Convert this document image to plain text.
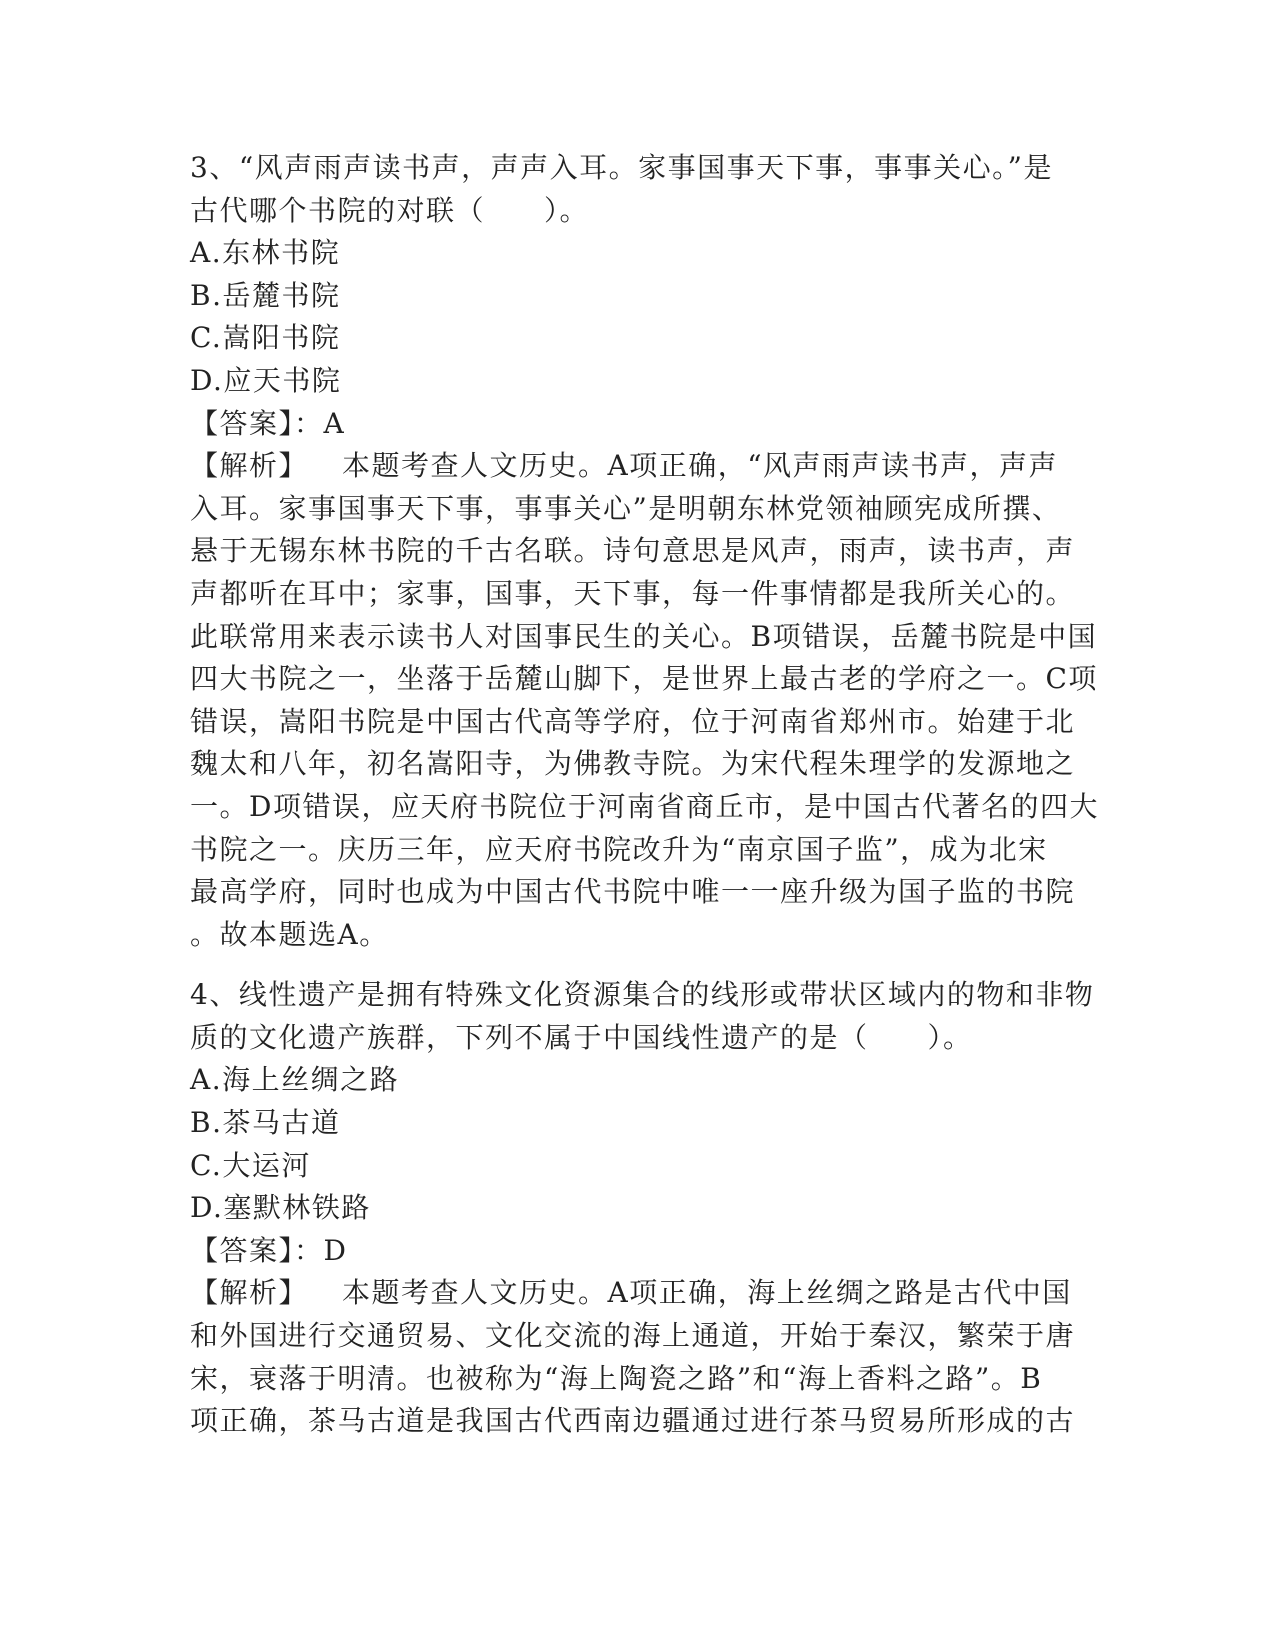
3、“风声雨声读书声，声声入耳。家事国事天下事，事事关心。”是
古代哪个书院的对联（　　）。
A.东林书院
B.岳麓书院
C.嵩阳书院
D.应天书院
【答案】：A
【解析】 本题考查人文历史。A项正确，“风声雨声读书声，声声
入耳。家事国事天下事，事事关心”是明朝东林党领袖顾宪成所撰、
悬于无锡东林书院的千古名联。诗句意思是风声，雨声，读书声，声
声都听在耳中；家事，国事，天下事，每一件事情都是我所关心的。
此联常用来表示读书人对国事民生的关心。B项错误，岳麓书院是中国
四大书院之一，坐落于岳麓山脚下，是世界上最古老的学府之一。C项
错误，嵩阳书院是中国古代高等学府，位于河南省郑州市。始建于北
魏太和八年，初名嵩阳寺，为佛教寺院。为宋代程朱理学的发源地之
一。D项错误，应天府书院位于河南省商丘市，是中国古代著名的四大
书院之一。庆历三年，应天府书院改升为“南京国子监”，成为北宋
最高学府，同时也成为中国古代书院中唯一一座升级为国子监的书院
。故本题选A。
4、线性遗产是拥有特殊文化资源集合的线形或带状区域内的物和非物
质的文化遗产族群，下列不属于中国线性遗产的是（　　）。
A.海上丝绸之路
B.茶马古道
C.大运河
D.塞默林铁路
【答案】：D
【解析】 本题考查人文历史。A项正确，海上丝绸之路是古代中国
和外国进行交通贸易、文化交流的海上通道，开始于秦汉，繁荣于唐
宋，衰落于明清。也被称为“海上陶瓷之路”和“海上香料之路”。B
项正确，茶马古道是我国古代西南边疆通过进行茶马贸易所形成的古
